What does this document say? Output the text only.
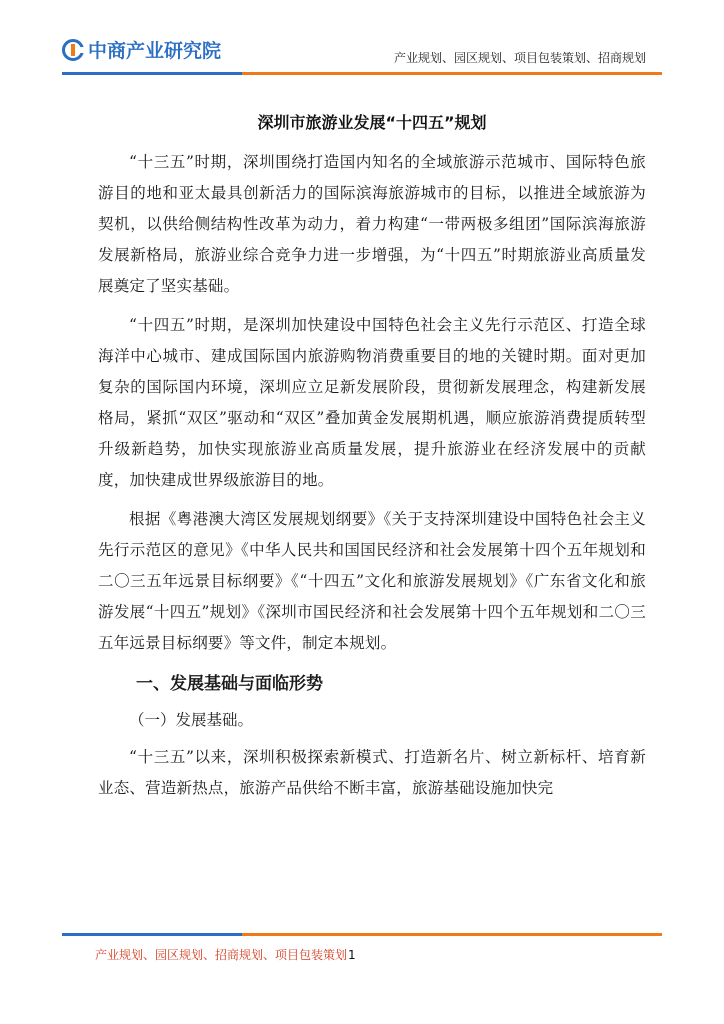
中商产业研究院	产业规划、园区规划、项目包装策划、招商规划
深圳市旅游业发展“十四五”规划

“十三五”时期，深圳围绕打造国内知名的全域旅游示范城市、国际特色旅游目的地和亚太最具创新活力的国际滨海旅游城市的目标，以推进全域旅游为契机，以供给侧结构性改革为动力，着力构建“一带两极多组团”国际滨海旅游发展新格局，旅游业综合竞争力进一步增强，为“十四五”时期旅游业高质量发展奠定了坚实基础。

“十四五”时期，是深圳加快建设中国特色社会主义先行示范区、打造全球海洋中心城市、建成国际国内旅游购物消费重要目的地的关键时期。面对更加复杂的国际国内环境，深圳应立足新发展阶段，贯彻新发展理念，构建新发展格局，紧抓“双区”驱动和“双区”叠加黄金发展期机遇，顺应旅游消费提质转型升级新趋势，加快实现旅游业高质量发展，提升旅游业在经济发展中的贡献度，加快建成世界级旅游目的地。

根据《粤港澳大湾区发展规划纲要》《关于支持深圳建设中国特色社会主义先行示范区的意见》《中华人民共和国国民经济和社会发展第十四个五年规划和二〇三五年远景目标纲要》《“十四五”文化和旅游发展规划》《广东省文化和旅游发展“十四五”规划》《深圳市国民经济和社会发展第十四个五年规划和二〇三五年远景目标纲要》等文件，制定本规划。

一、发展基础与面临形势
（一）发展基础。

“十三五”以来，深圳积极探索新模式、打造新名片、树立新标杆、培育新业态、营造新热点，旅游产品供给不断丰富，旅游基础设施加快完

产业规划、园区规划、招商规划、项目包装策划1
